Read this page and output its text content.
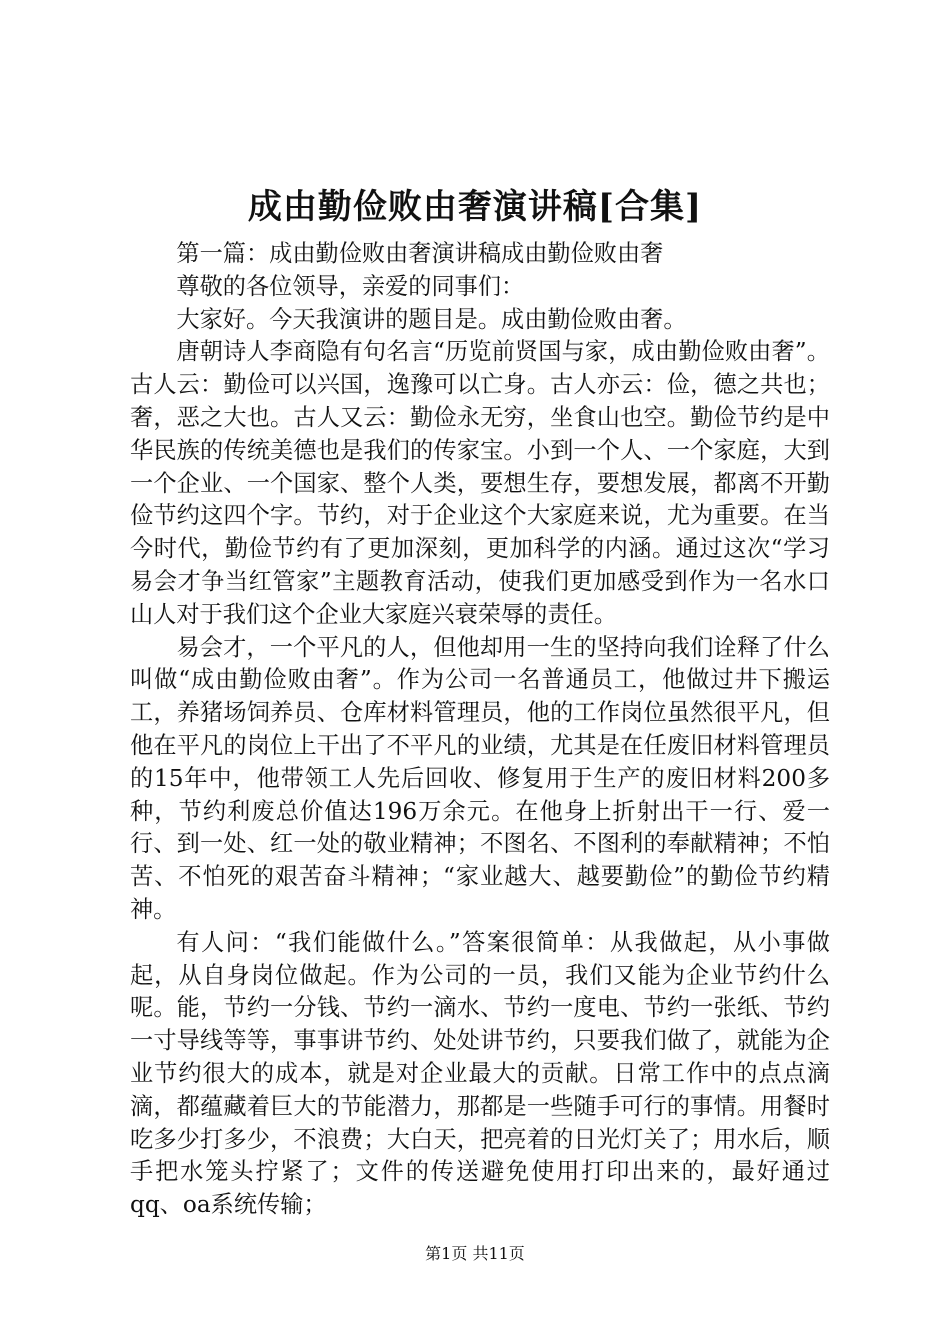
成由勤俭败由奢演讲稿[合集]

第一篇：成由勤俭败由奢演讲稿成由勤俭败由奢

尊敬的各位领导，亲爱的同事们：

大家好。今天我演讲的题目是。成由勤俭败由奢。

唐朝诗人李商隐有句名言“历览前贤国与家，成由勤俭败由奢”。古人云：勤俭可以兴国，逸豫可以亡身。古人亦云：俭，德之共也；奢，恶之大也。古人又云：勤俭永无穷，坐食山也空。勤俭节约是中华民族的传统美德也是我们的传家宝。小到一个人、一个家庭，大到一个企业、一个国家、整个人类，要想生存，要想发展，都离不开勤俭节约这四个字。节约，对于企业这个大家庭来说，尤为重要。在当今时代，勤俭节约有了更加深刻，更加科学的内涵。通过这次“学习易会才争当红管家”主题教育活动，使我们更加感受到作为一名水口山人对于我们这个企业大家庭兴衰荣辱的责任。

易会才，一个平凡的人，但他却用一生的坚持向我们诠释了什么叫做“成由勤俭败由奢”。作为公司一名普通员工，他做过井下搬运工，养猪场饲养员、仓库材料管理员，他的工作岗位虽然很平凡，但他在平凡的岗位上干出了不平凡的业绩，尤其是在任废旧材料管理员的15年中，他带领工人先后回收、修复用于生产的废旧材料200多种，节约利废总价值达196万余元。在他身上折射出干一行、爱一行、到一处、红一处的敬业精神；不图名、不图利的奉献精神；不怕苦、不怕死的艰苦奋斗精神；“家业越大、越要勤俭”的勤俭节约精神。

有人问：“我们能做什么。”答案很简单：从我做起，从小事做起，从自身岗位做起。作为公司的一员，我们又能为企业节约什么呢。能，节约一分钱、节约一滴水、节约一度电、节约一张纸、节约一寸导线等等，事事讲节约、处处讲节约，只要我们做了，就能为企业节约很大的成本，就是对企业最大的贡献。日常工作中的点点滴滴，都蕴藏着巨大的节能潜力，那都是一些随手可行的事情。用餐时吃多少打多少，不浪费；大白天，把亮着的日光灯关了；用水后，顺手把水笼头拧紧了；文件的传送避免使用打印出来的，最好通过qq、oa系统传输；

第1页 共11页
